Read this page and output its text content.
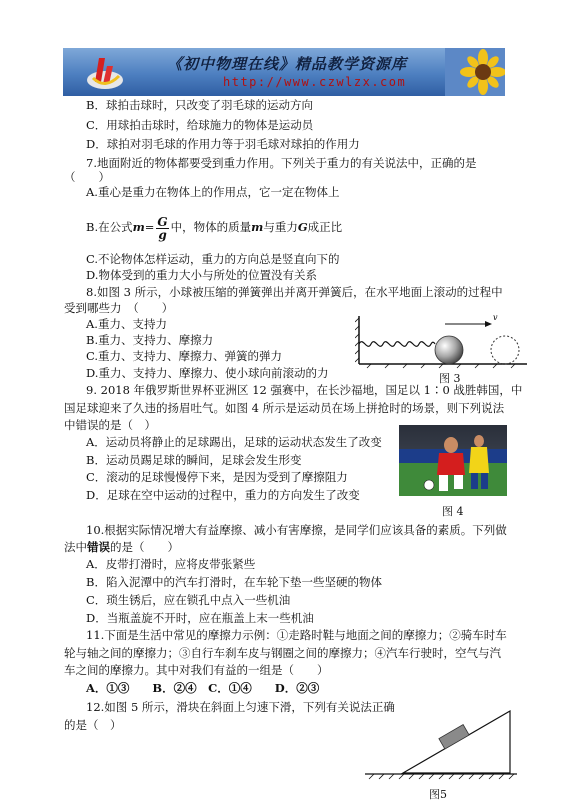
《初中物理在线》精品教学资源库
http://www.czwlzx.com
B．球拍击球时，只改变了羽毛球的运动方向
C．用球拍击球时，给球施力的物体是运动员
D．球拍对羽毛球的作用力等于羽毛球对球拍的作用力
7.地面附近的物体都要受到重力作用。下列关于重力的有关说法中，正确的是
（　　）
A.重心是重力在物体上的作用点，它一定在物体上
B.在公式$m= \frac{G}{g}$ 中，物体的质量m与重力G成正比
C.不论物体怎样运动，重力的方向总是竖直向下的
D.物体受到的重力大小与所处的位置没有关系
8.如图 3 所示，小球被压缩的弹簧弹出并离开弹簧后，在水平地面上滚动的过程中
受到哪些力　（　　）
A.重力、支持力
B.重力、支持力、摩擦力
C.重力、支持力、摩擦力、弹簧的弹力
D.重力、支持力、摩擦力、使小球向前滚动的力
v
图 3
9. 2018 年俄罗斯世界杯亚洲区 12 强赛中，在长沙福地，国足以 1∶0 战胜韩国，中
国足球迎来了久违的扬眉吐气。如图 4 所示是运动员在场上拼抢时的场景，则下列说法
中错误的是（　）
A．运动员将静止的足球踢出，足球的运动状态发生了改变
B．运动员踢足球的瞬间，足球会发生形变
C．滚动的足球慢慢停下来，是因为受到了摩擦阻力
D．足球在空中运动的过程中，重力的方向发生了改变
图 4
10.根据实际情况增大有益摩擦、减小有害摩擦，是同学们应该具备的素质。下列做
法中错误的是（　　）
A．皮带打滑时，应将皮带张紧些
B．陷入泥潭中的汽车打滑时，在车轮下垫一些坚硬的物体
C．琐生锈后，应在锁孔中点入一些机油
D．当瓶盖旋不开时，应在瓶盖上末一些机油
11.下面是生活中常见的摩擦力示例：①走路时鞋与地面之间的摩擦力；②骑车时车
轮与轴之间的摩擦力；③自行车刹车皮与钢圈之间的摩擦力；④汽车行驶时，空气与汽
车之间的摩擦力。其中对我们有益的一组是（　　）
A．①③　　B．②④　C．①④　　D．②③
12.如图 5 所示，滑块在斜面上匀速下滑，下列有关说法正确
的是（　）
图5
